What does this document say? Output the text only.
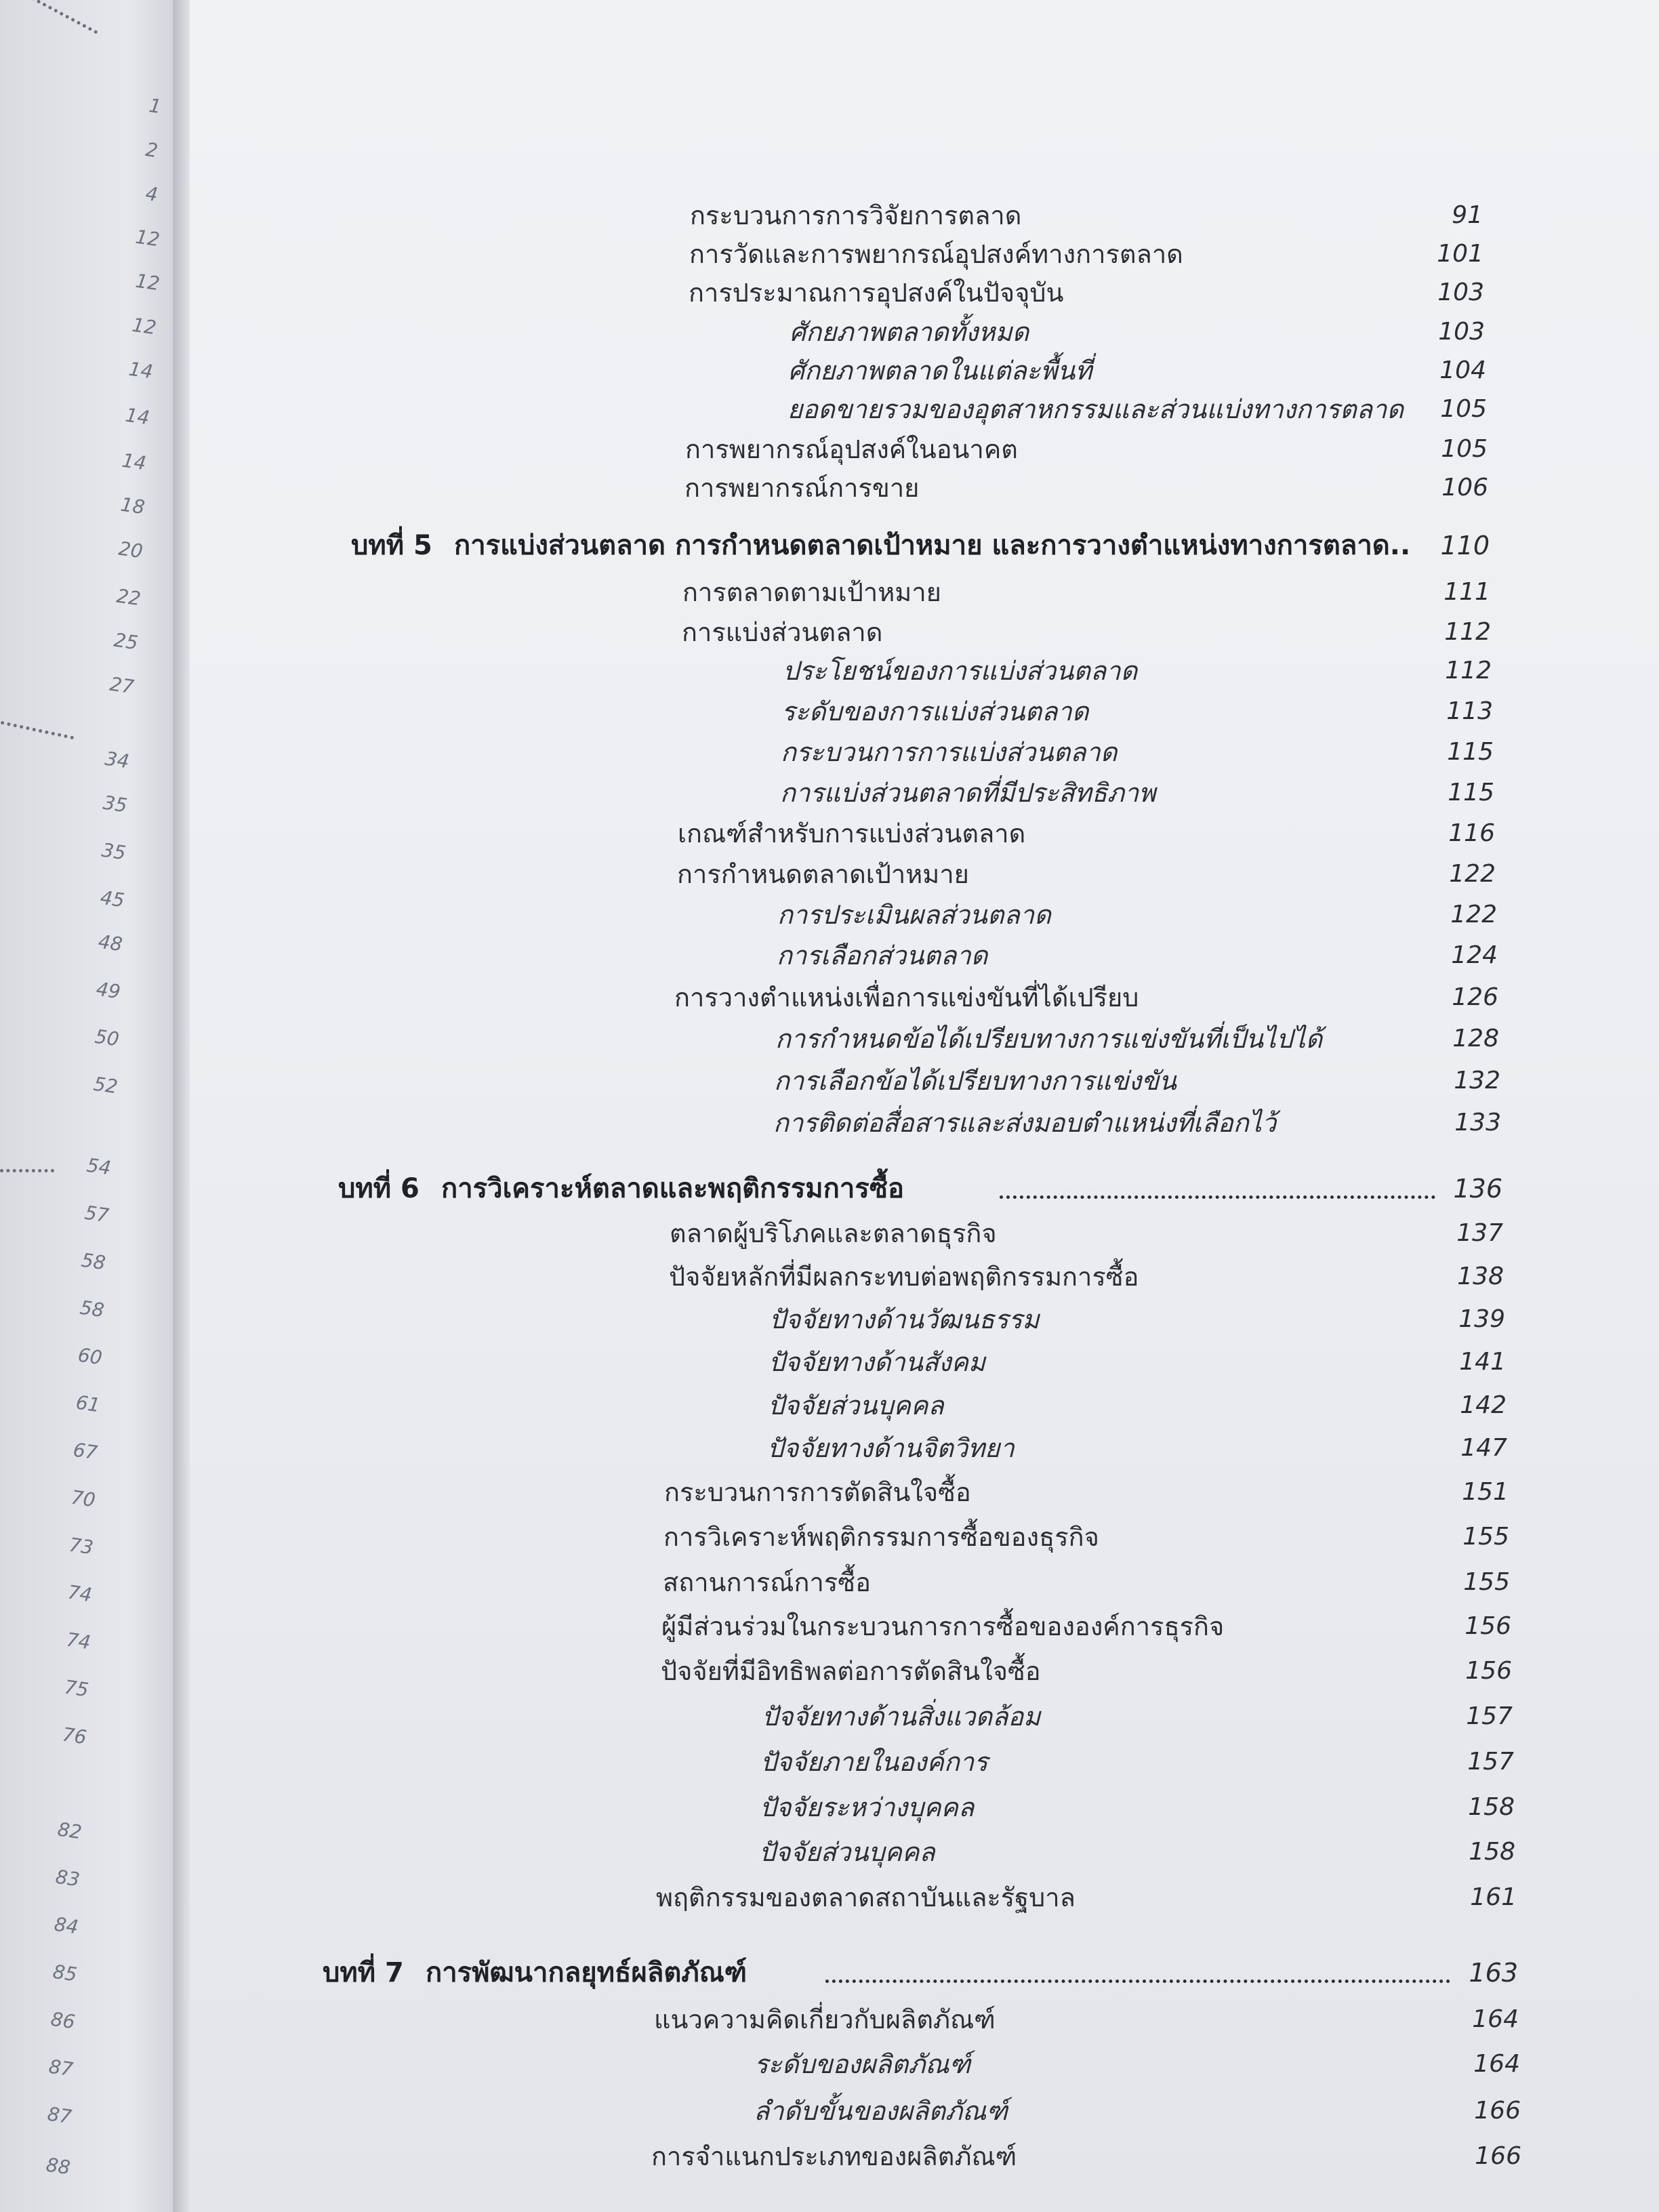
1
2
4
12
12
12
14
14
14
18
20
22
25
27
34
35
35
45
48
49
50
52
54
57
58
58
60
61
67
70
73
74
74
75
76
82
83
84
85
86
87
87
88
กระบวนการการวิจัยการตลาด	91
การวัดและการพยากรณ์อุปสงค์ทางการตลาด	101
การประมาณการอุปสงค์ในปัจจุบัน	103
ศักยภาพตลาดทั้งหมด	103
ศักยภาพตลาดในแต่ละพื้นที่	104
ยอดขายรวมของอุตสาหกรรมและส่วนแบ่งทางการตลาด	105
การพยากรณ์อุปสงค์ในอนาคต	105
การพยากรณ์การขาย	106
บทที่ 5 การแบ่งส่วนตลาด การกำหนดตลาดเป้าหมาย และการวางตำแหน่งทางการตลาด..	110
การตลาดตามเป้าหมาย	111
การแบ่งส่วนตลาด	112
ประโยชน์ของการแบ่งส่วนตลาด	112
ระดับของการแบ่งส่วนตลาด	113
กระบวนการการแบ่งส่วนตลาด	115
การแบ่งส่วนตลาดที่มีประสิทธิภาพ	115
เกณฑ์สำหรับการแบ่งส่วนตลาด	116
การกำหนดตลาดเป้าหมาย	122
การประเมินผลส่วนตลาด	122
การเลือกส่วนตลาด	124
การวางตำแหน่งเพื่อการแข่งขันที่ได้เปรียบ	126
การกำหนดข้อได้เปรียบทางการแข่งขันที่เป็นไปได้	128
การเลือกข้อได้เปรียบทางการแข่งขัน	132
การติดต่อสื่อสารและส่งมอบตำแหน่งที่เลือกไว้	133
บทที่ 6 การวิเคราะห์ตลาดและพฤติกรรมการซื้อ	136
ตลาดผู้บริโภคและตลาดธุรกิจ	137
ปัจจัยหลักที่มีผลกระทบต่อพฤติกรรมการซื้อ	138
ปัจจัยทางด้านวัฒนธรรม	139
ปัจจัยทางด้านสังคม	141
ปัจจัยส่วนบุคคล	142
ปัจจัยทางด้านจิตวิทยา	147
กระบวนการการตัดสินใจซื้อ	151
การวิเคราะห์พฤติกรรมการซื้อของธุรกิจ	155
สถานการณ์การซื้อ	155
ผู้มีส่วนร่วมในกระบวนการการซื้อขององค์การธุรกิจ	156
ปัจจัยที่มีอิทธิพลต่อการตัดสินใจซื้อ	156
ปัจจัยทางด้านสิ่งแวดล้อม	157
ปัจจัยภายในองค์การ	157
ปัจจัยระหว่างบุคคล	158
ปัจจัยส่วนบุคคล	158
พฤติกรรมของตลาดสถาบันและรัฐบาล	161
บทที่ 7 การพัฒนากลยุทธ์ผลิตภัณฑ์	163
แนวความคิดเกี่ยวกับผลิตภัณฑ์	164
ระดับของผลิตภัณฑ์	164
ลำดับขั้นของผลิตภัณฑ์	166
การจำแนกประเภทของผลิตภัณฑ์	166
